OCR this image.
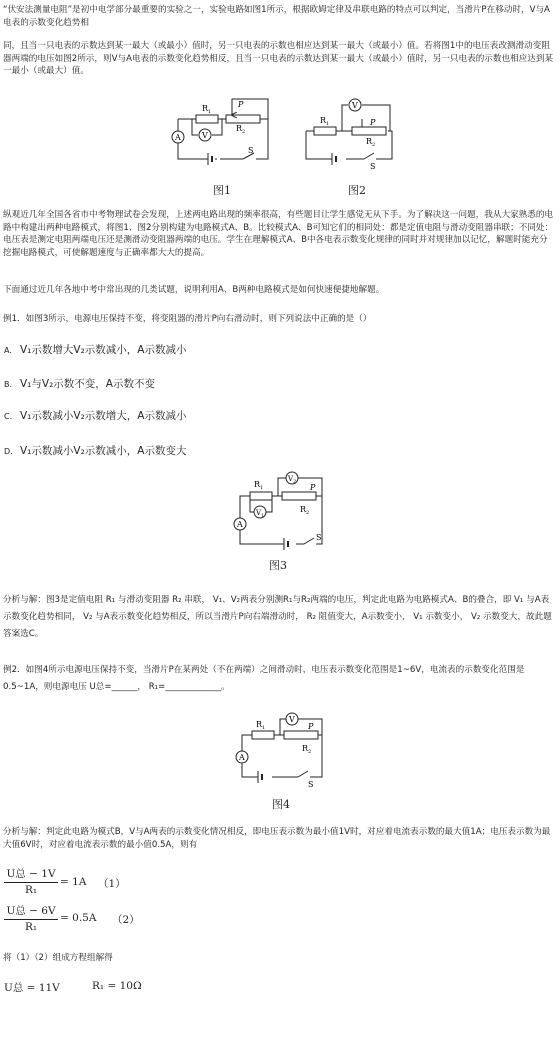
“伏安法测量电阻”是初中电学部分最重要的实验之一，实验电路如图1所示，根据欧姆定律及串联电路的特点可以判定，当滑片P在移动时，V与A电表的示数变化趋势相
同，且当一只电表的示数达到某一最大（或最小）值时，另一只电表的示数也相应达到某一最大（或最小）值。若将图1中的电压表改测滑动变阻器两端的电压如图2所示，则V与A电表的示数变化趋势相反，且当一只电表的示数达到某一最大（或最小）值时，另一只电表的示数也相应达到某一最小（或最大）值。
A	V
$R_1$
$R_2$
P
S
图1
V
$R_1$
$R_2$
P
S
图2
纵观近几年全国各省市中考物理试卷会发现，上述两电路出现的频率很高，有些题目让学生感觉无从下手。为了解决这一问题，我从大家熟悉的电路中构建出两种电路模式，将图1、图2分别构建为电路模式A、B。比较模式A、B可知它们的相同处：都是定值电阻与滑动变阻器串联；不同处：电压表是测定电阻两端电压还是测滑动变阻器两端的电压。学生在理解模式A、B中各电表示数变化规律的同时并对规律加以记忆，解题时能充分挖掘电路模式，可使解题速度与正确率都大大的提高。
下面通过近几年各地中考中常出现的几类试题，说明利用A、B两种电路模式是如何快速便捷地解题。
例1．如图3所示，电源电压保持不变，将变阻器的滑片P向右滑动时，则下列说法中正确的是（）
A. V₁示数增大V₂示数减小，A示数减小
B. V₁与V₂示数不变，A示数不变
C. V₁示数减小V₂示数增大，A示数减小
D. V₁示数减小V₂示数减小，A示数变大
A
$V_1$
$V_2$
$R_1$
$R_2$
P
S
图3
分析与解：图3是定值电阻 R₁ 与滑动变阻器 R₂ 串联， V₁、V₂两表分别测R₁与R₂两端的电压，判定此电路为电路模式A、B的叠合，即 V₁ 与A表示数变化趋势相同， V₂ 与A表示数变化趋势相反，所以当滑片P向右端滑动时， R₂ 阻值变大，A示数变小， V₁ 示数变小， V₂ 示数变大，故此题答案选C。
例2．如图4所示电源电压保持不变，当滑片P在某两处（不在两端）之间滑动时，电压表示数变化范围是1~6V，电流表的示数变化范围是0.5~1A，则电源电压 U总=______， R₁=_____________。
A
V
$R_1$
$R_2$
P
S
图4
分析与解：判定此电路为模式B，V与A两表的示数变化情况相反，即电压表示数为最小值1V时，对应着电流表示数的最大值1A；电压表示数为最大值6V时，对应着电流表示数的最小值0.5A，则有
U总 − 1V
R₁
= 1A （1）
U总 − 6V
R₁
= 0.5A （2）
将（1）（2）组成方程组解得
U总 = 11V	R₁ = 10Ω
